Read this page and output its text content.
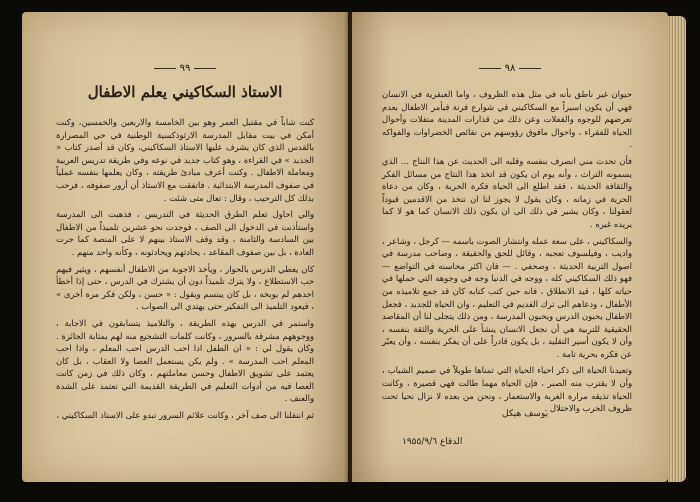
٩٩
الاستاذ السكاكيني يعلم الاطفال

كنت شاباً في مقتبل العمر وهو بين الخامسة والاربعين والخمسين، وكنت أمكن في بيت مقابل المدرسة الارثوذكسية الوطنية في حي المصرارة بالقدس الذي كان يشرف عليها الاستاذ السكاكيني، وكان قد أصدر كتاب « الجديد » في القراءة ، وهو كتاب جديد في نوعه وفي طريقة تدريس العربية ومعاملة الاطفال . وكنت أعرف مبادئ طريقته ، وكان يعلمها بنفسه عملياً في صفوف المدرسة الابتدائية . فاتفقت مع الاستاذ أن أزور صفوفه ، فرحب بذلك كل الترحيب ، وقال : تعال متى شئت .

والي احاول تعلم الطرق الحديثة في التدريس ، فذهبت الى المدرسة واستأذنت في الدخول الى الصف ، فوجدت نحو عشرين تلميذاً من الاطفال بين السادسة والثامنة ، وقد وقف الاستاذ بينهم لا على المنصة كما جرت العادة ، بل بين صفوف المقاعد ، يحادثهم ويحادثونه ، وكأنه واحد منهم .

كان يعطي الدرس بالحوار ، ويأخذ الاجوبة من الاطفال أنفسهم ، ويثير فيهم حب الاستطلاع ، ولا يترك تلميذاً دون أن يشترك في الدرس ، حتى إذا أخطأ احدهم لم يوبخه ، بل كان يبتسم ويقول : « حسن ، ولكن فكر مرة أخرى » ، فيعود التلميذ الى التفكير حتى يهتدي الى الصواب .

واستمر في الدرس بهذه الطريقة ، والتلاميذ يتسابقون في الاجابة ، ووجوههم مشرقة بالسرور ، وكانت كلمات التشجيع منه لهم بمثابة الجائزة . وكان يقول لي : « ان الطفل اذا احب الدرس احب المعلم ، واذا احب المعلم احب المدرسة » . ولم يكن يستعمل العصا ولا العقاب ، بل كان يعتمد على تشويق الاطفال وحسن معاملتهم ، وكان ذلك في زمن كانت العصا فيه من أدوات التعليم في الطريقة القديمة التي تعتمد على الشدة والعنف .

ثم انتقلنا الى صف آخر ، وكانت علائم السرور تبدو على الاستاذ السكاكيني ،

٩٨

حيوان غير ناطق بأنه في مثل هذه الظروف ، واما العبقرية في الانسان فهي أن يكون اسيراً مع السكاكيني في شوارع فرنة فيأمر الاطفال بعدم تعرضهم للوجوه والقفلات وعن ذلك من قذارات المدينة متفلات وأحوال الحياة للفقراء ، واحوال مافوق رؤوسهم من نقائص الخضراوات والفواكه .

فأن تحدث مني انصرف بنفسه وقلبه الى الحديث عن هذا النتاج ... الذي يسمونه التراث ، وأنه يوم ان يكون قد اتخذ هذا النتاج من مسائل الفكر والثقافة الحديثة ، فقد اطلع الى الحياة فكرة الحرية ، وكان من دعاة الحرية في زمانه ، وكان يقول لا يجوز لنا ان نتخذ من الاقدمين قيوداً لعقولنا ، وكان يشير في ذلك الى ان يكون ذلك الانسان كما هو لا كما يريده غيره .

والسكاكيني ، على سعة عمله وانتشار الصوت باسمه — كرجل ، وشاعر ، واديب ، وفيلسوف تعجبه ، وقائل للحق والحقيقة ، وصاحب مدرسة في اصول التربية الحديثة ، وصحفي . — فان اكثر محاسنه في التواضع — فهو ذلك السكاكيني كله ، ووجه في الدنيا وجه في وجوهه التي حملها في حياته كلها ، قيد الانطلاق ، فانه حين كتب كتابه كان قد جمع تلاميذه من الأطفال ، ودعاهم الى ترك القديم في التعليم ، وان الحياة للجديد ، فجعل الاطفال يحبون الدرس ويحبون المدرسة ، ومن ذلك يتجلى لنا أن المقاصد الحقيقية للتربية هي أن نجعل الانسان ينشأ على الحرية والثقة بنفسه ، وأن لا يكون أسير التقليد ، بل يكون قادراً على أن يفكر بنفسه ، وأن يعبّر عن فكره بحرية تامة .

وتعيدنا الحياة الى ذكر احياء الحياة التي تمناها طويلاً في صميم الشباب ، وأن لا يقترب منه الصبر ، فإن الحياة مهما طالت فهي قصيرة ، وكانت الحياة تذيقه مرارة الغربة والاستعمار ، ونحن من بعده لا نزال نحيا تحت ظروف الحرب والاحتلال .

يوسف هيكل
الدقاع ١٩٥٥/٩/٦
